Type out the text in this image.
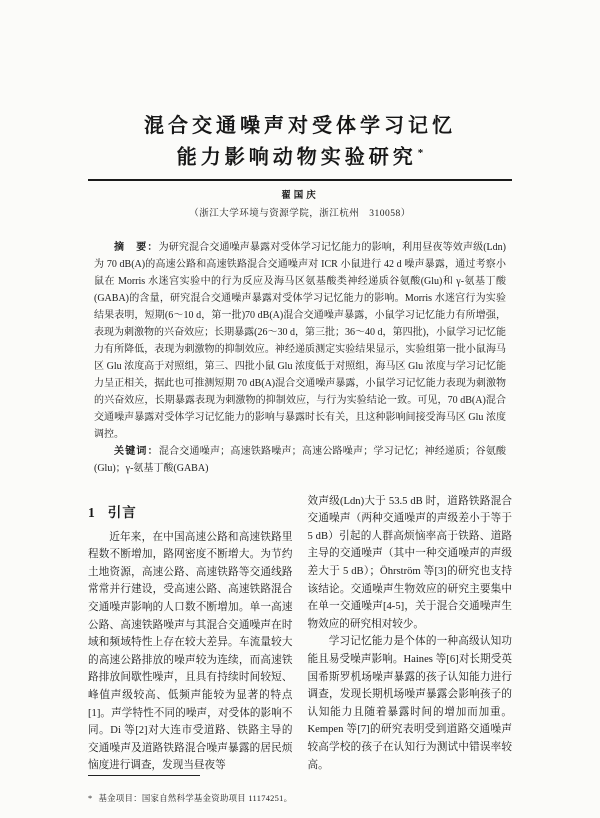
混合交通噪声对受体学习记忆
能力影响动物实验研究*
翟国庆
（浙江大学环境与资源学院，浙江杭州　310058）

摘　要：为研究混合交通噪声暴露对受体学习记忆能力的影响，利用昼夜等效声级(Ldn)为 70 dB(A)的高速公路和高速铁路混合交通噪声对 ICR 小鼠进行 42 d 噪声暴露，通过考察小鼠在 Morris 水迷宫实验中的行为反应及海马区氨基酸类神经递质谷氨酸(Glu)和 γ-氨基丁酸(GABA)的含量，研究混合交通噪声暴露对受体学习记忆能力的影响。Morris 水迷宫行为实验结果表明，短期(6～10 d，第一批)70 dB(A)混合交通噪声暴露，小鼠学习记忆能力有所增强，表现为刺激物的兴奋效应；长期暴露(26～30 d，第三批；36～40 d，第四批)，小鼠学习记忆能力有所降低，表现为刺激物的抑制效应。神经递质测定实验结果显示，实验组第一批小鼠海马区 Glu 浓度高于对照组，第三、四批小鼠 Glu 浓度低于对照组，海马区 Glu 浓度与学习记忆能力呈正相关，据此也可推测短期 70 dB(A)混合交通噪声暴露，小鼠学习记忆能力表现为刺激物的兴奋效应，长期暴露表现为刺激物的抑制效应，与行为实验结论一致。可见，70 dB(A)混合交通噪声暴露对受体学习记忆能力的影响与暴露时长有关，且这种影响间接受海马区 Glu 浓度调控。

关键词：混合交通噪声；高速铁路噪声；高速公路噪声；学习记忆；神经递质；谷氨酸(Glu)；γ-氨基丁酸(GABA)

1 引言

近年来，在中国高速公路和高速铁路里程数不断增加，路网密度不断增大。为节约土地资源，高速公路、高速铁路等交通线路常常并行建设，受高速公路、高速铁路混合交通噪声影响的人口数不断增加。单一高速公路、高速铁路噪声与其混合交通噪声在时域和频域特性上存在较大差异。车流量较大的高速公路排放的噪声较为连续，而高速铁路排放间歇性噪声，且具有持续时间较短、峰值声级较高、低频声能较为显著的特点[1]。声学特性不同的噪声，对受体的影响不同。Di 等[2]对大连市受道路、铁路主导的交通噪声及道路铁路混合噪声暴露的居民烦恼度进行调查，发现当昼夜等

* 基金项目：国家自然科学基金资助项目 11174251。

效声级(Ldn)大于 53.5 dB 时，道路铁路混合交通噪声（两种交通噪声的声级差小于等于 5 dB）引起的人群高烦恼率高于铁路、道路主导的交通噪声（其中一种交通噪声的声级差大于 5 dB）；Öhrström 等[3]的研究也支持该结论。交通噪声生物效应的研究主要集中在单一交通噪声[4-5]，关于混合交通噪声生物效应的研究相对较少。

学习记忆能力是个体的一种高级认知功能且易受噪声影响。Haines 等[6]对长期受英国希斯罗机场噪声暴露的孩子认知能力进行调查，发现长期机场噪声暴露会影响孩子的认知能力且随着暴露时间的增加而加重。Kempen 等[7]的研究表明受到道路交通噪声较高学校的孩子在认知行为测试中错误率较高。
